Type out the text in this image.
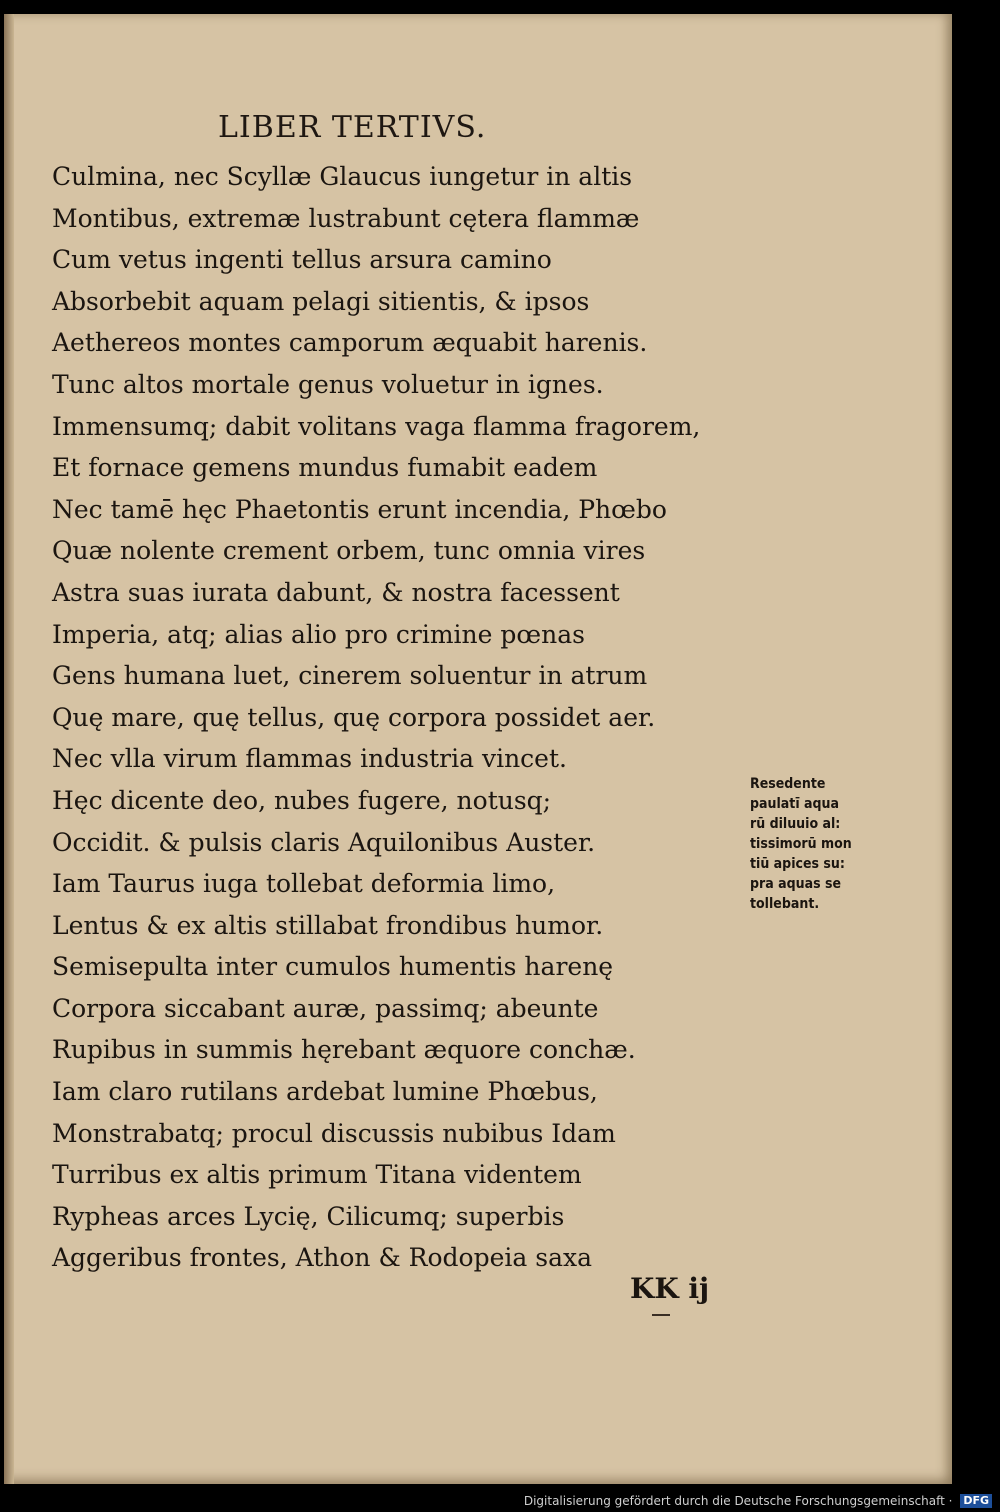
LIBER TERTIVS.
Culmina, nec Scyllæ Glaucus iungetur in altis
Montibus, extremæ lustrabunt cętera flammæ
Cum vetus ingenti tellus arsura camino
Absorbebit aquam pelagi sitientis, & ipsos
Aethereos montes camporum æquabit harenis.
Tunc altos mortale genus voluetur in ignes.
Immensumq; dabit volitans vaga flamma fragorem,
Et fornace gemens mundus fumabit eadem
Nec tamē hęc Phaetontis erunt incendia, Phœbo
Quæ nolente crement orbem, tunc omnia vires
Astra suas iurata dabunt, & nostra facessent
Imperia, atq; alias alio pro crimine pœnas
Gens humana luet, cinerem soluentur in atrum
Quę mare, quę tellus, quę corpora possidet aer.
Nec vlla virum flammas industria vincet.
Hęc dicente deo, nubes fugere, notusq;
Occidit. & pulsis claris Aquilonibus Auster.
Iam Taurus iuga tollebat deformia limo,
Lentus & ex altis stillabat frondibus humor.
Semisepulta inter cumulos humentis harenę
Corpora siccabant auræ, passimq; abeunte
Rupibus in summis hęrebant æquore conchæ.
Iam claro rutilans ardebat lumine Phœbus,
Monstrabatq; procul discussis nubibus Idam
Turribus ex altis primum Titana videntem
Rypheas arces Lycię, Cilicumq; superbis
Aggeribus frontes, Athon & Rodopeia saxa
Resedente
paulatī aqua
rū diluuio al:
tissimorū mon
tiū apices su:
pra aquas se
tollebant.
KK ij
Digitalisierung gefördert durch die Deutsche Forschungsgemeinschaft · DFG
